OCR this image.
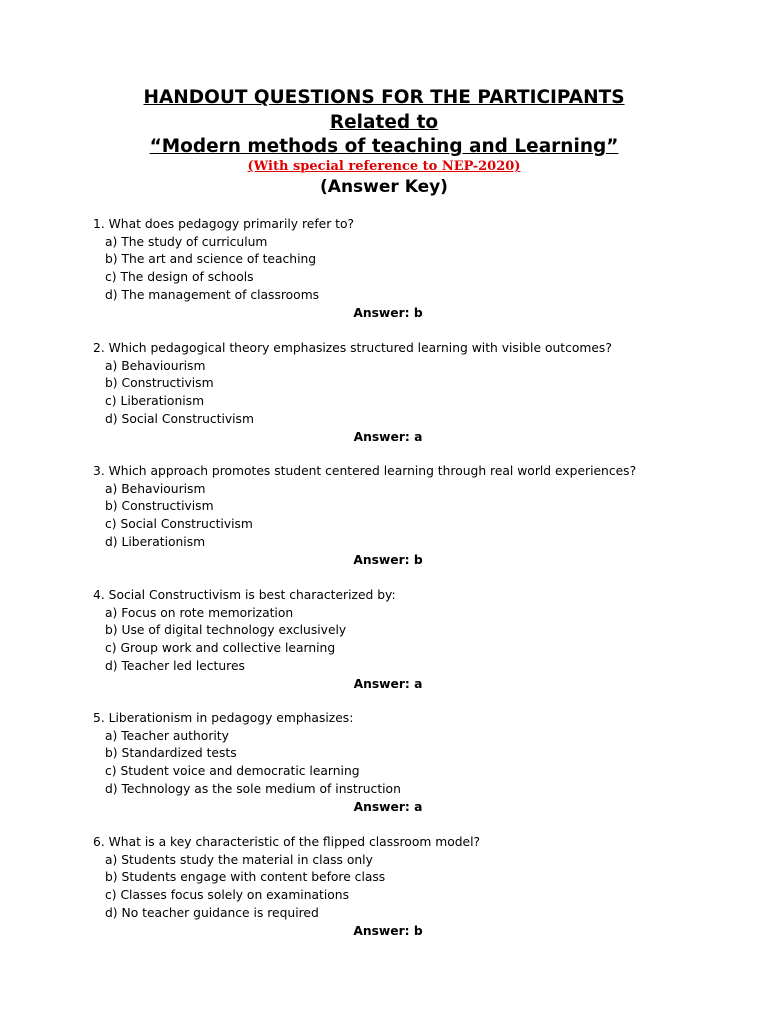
HANDOUT QUESTIONS FOR THE PARTICIPANTS
Related to
“Modern methods of teaching and Learning”
(With special reference to NEP-2020)
(Answer Key)
1. What does pedagogy primarily refer to?
a) The study of curriculum
b) The art and science of teaching
c) The design of schools
d) The management of classrooms
Answer: b
2. Which pedagogical theory emphasizes structured learning with visible outcomes?
a) Behaviourism
b) Constructivism
c) Liberationism
d) Social Constructivism
Answer: a
3. Which approach promotes student centered learning through real world experiences?
a) Behaviourism
b) Constructivism
c) Social Constructivism
d) Liberationism
Answer: b
4. Social Constructivism is best characterized by:
a) Focus on rote memorization
b) Use of digital technology exclusively
c) Group work and collective learning
d) Teacher led lectures
Answer: a
5. Liberationism in pedagogy emphasizes:
a) Teacher authority
b) Standardized tests
c) Student voice and democratic learning
d) Technology as the sole medium of instruction
Answer: a
6. What is a key characteristic of the flipped classroom model?
a) Students study the material in class only
b) Students engage with content before class
c) Classes focus solely on examinations
d) No teacher guidance is required
Answer: b
